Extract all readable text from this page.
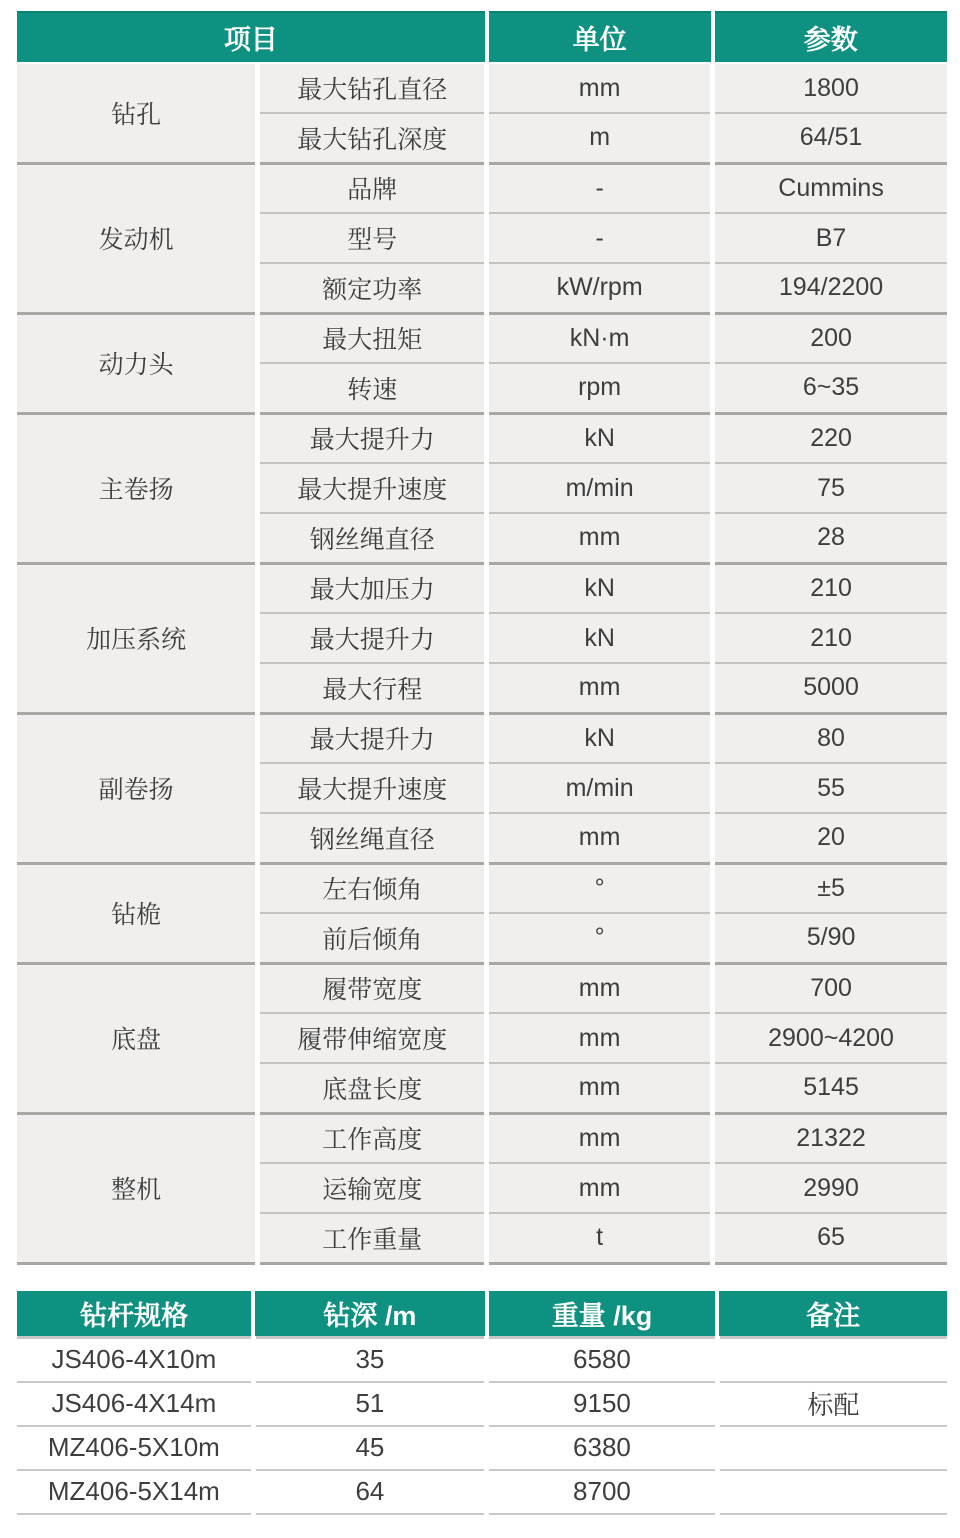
项目		单位	参数
钻孔	最大钻孔直径	mm	1800
	最大钻孔深度	m	64/51
发动机	品牌	-	Cummins
	型号	-	B7
	额定功率	kW/rpm	194/2200
动力头	最大扭矩	kN·m	200
	转速	rpm	6~35
主卷扬	最大提升力	kN	220
	最大提升速度	m/min	75
	钢丝绳直径	mm	28
加压系统	最大加压力	kN	210
	最大提升力	kN	210
	最大行程	mm	5000
副卷扬	最大提升力	kN	80
	最大提升速度	m/min	55
	钢丝绳直径	mm	20
钻桅	左右倾角	°	±5
	前后倾角	°	5/90
底盘	履带宽度	mm	700
	履带伸缩宽度	mm	2900~4200
	底盘长度	mm	5145
整机	工作高度	mm	21322
	运输宽度	mm	2990
	工作重量	t	65
钻杆规格	钻深 /m	重量 /kg	备注
JS406-4X10m	35	6580	
JS406-4X14m	51	9150	标配
MZ406-5X10m	45	6380	
MZ406-5X14m	64	8700	
